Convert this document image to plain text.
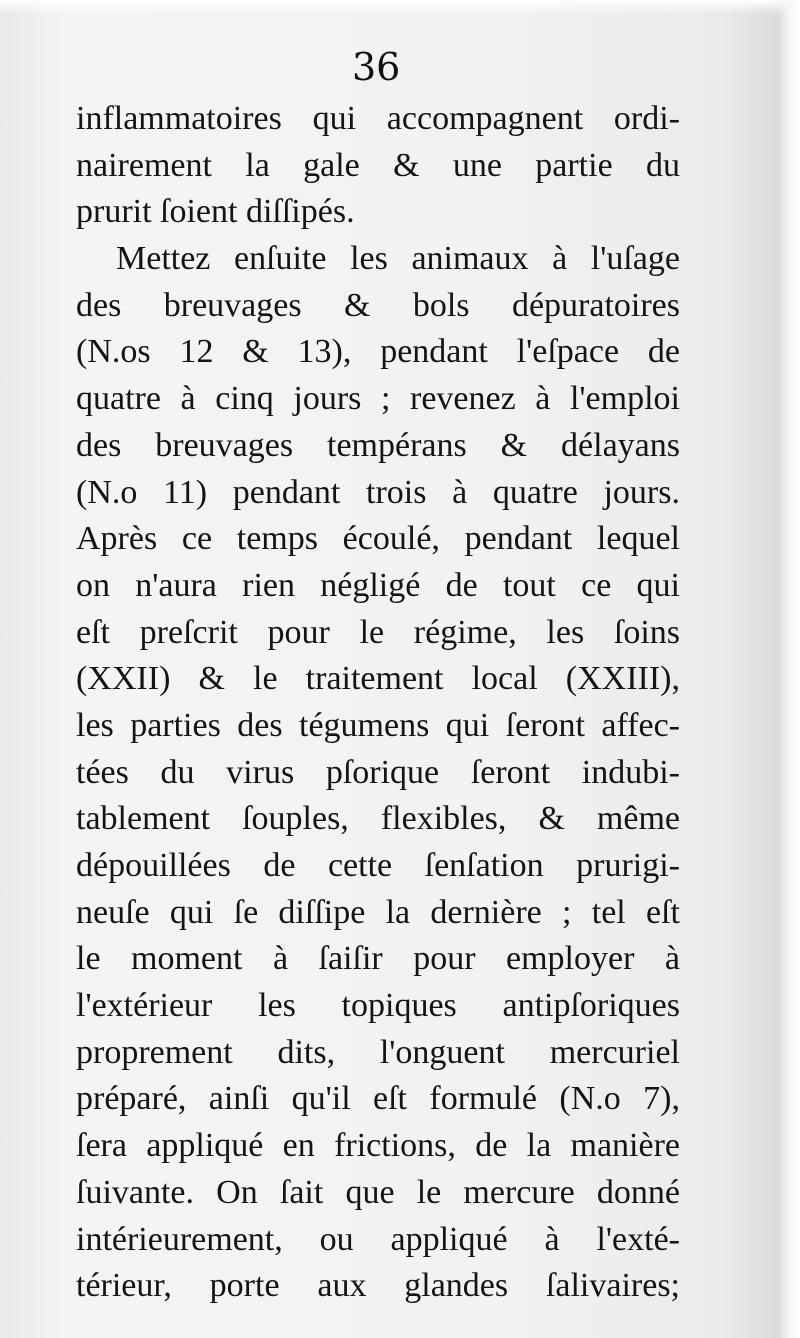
36
inflammatoires qui accompagnent ordi-
nairement la gale & une partie du
prurit ſoient diſſipés.
Mettez enſuite les animaux à l'uſage
des breuvages & bols dépuratoires
(N.os 12 & 13), pendant l'eſpace de
quatre à cinq jours ; revenez à l'emploi
des breuvages tempérans & délayans
(N.o 11) pendant trois à quatre jours.
Après ce temps écoulé, pendant lequel
on n'aura rien négligé de tout ce qui
eſt preſcrit pour le régime, les ſoins
(XXII) & le traitement local (XXIII),
les parties des tégumens qui ſeront affec-
tées du virus pſorique ſeront indubi-
tablement ſouples, flexibles, & même
dépouillées de cette ſenſation prurigi-
neuſe qui ſe diſſipe la dernière ; tel eſt
le moment à ſaiſir pour employer à
l'extérieur les topiques antipſoriques
proprement dits, l'onguent mercuriel
préparé, ainſi qu'il eſt formulé (N.o 7),
ſera appliqué en frictions, de la manière
ſuivante. On ſait que le mercure donné
intérieurement, ou appliqué à l'exté-
térieur, porte aux glandes ſalivaires;
